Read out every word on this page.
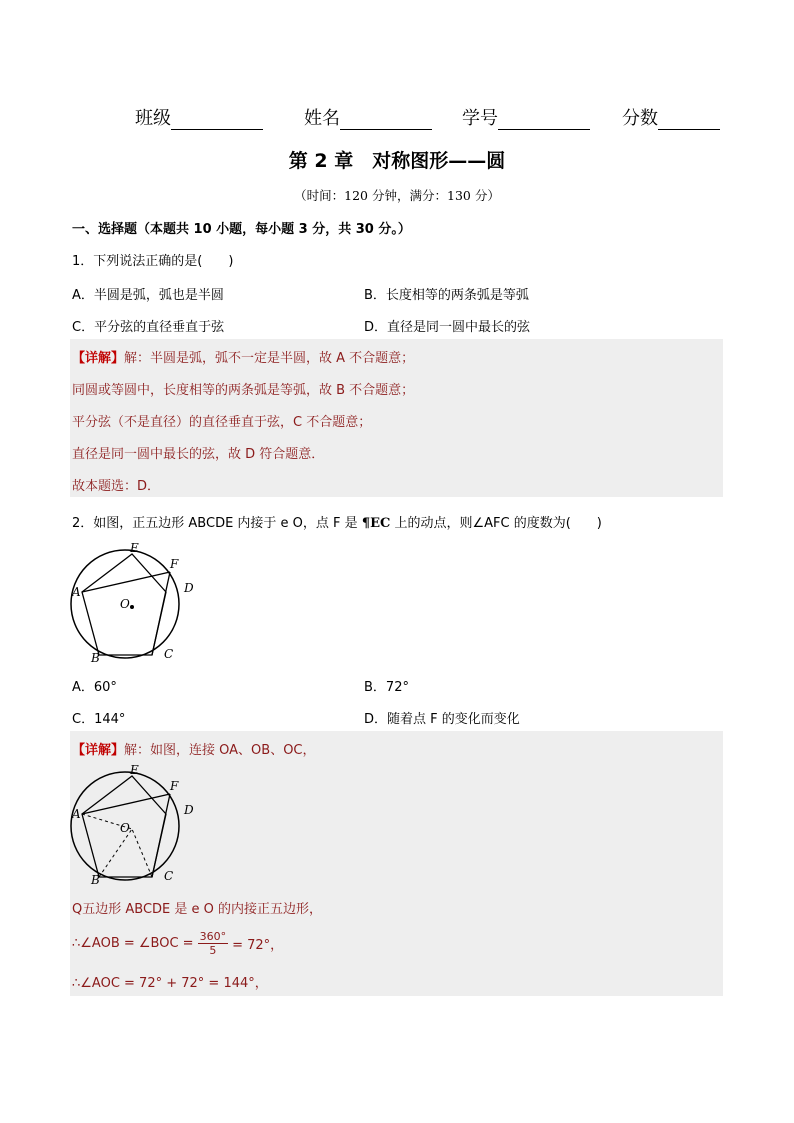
班级	姓名	学号	分数
第 2 章　对称图形——圆
（时间：120 分钟，满分：130 分）
一、选择题（本题共 10 小题，每小题 3 分，共 30 分。）
1．下列说法正确的是(　　)
A．半圆是弧，弧也是半圆	B．长度相等的两条弧是等弧
C．平分弦的直径垂直于弦	D．直径是同一圆中最长的弦
【详解】解：半圆是弧，弧不一定是半圆，故 A 不合题意；
同圆或等圆中，长度相等的两条弧是等弧，故 B 不合题意；
平分弦（不是直径）的直径垂直于弦，C 不合题意；
直径是同一圆中最长的弦，故 D 符合题意．
故本题选：D．
2．如图，正五边形 ABCDE 内接于 e O，点 F 是 ¶EC 上的动点，则∠AFC 的度数为(　　)
A
B	C
D
E
F
O
A．60°	B．72°
C．144°	D．随着点 F 的变化而变化
【详解】解：如图，连接 OA、OB、OC，
A
B	C
D
E
F
O
Q五边形 ABCDE 是 e O 的内接正五边形，
∴∠AOB = ∠BOC = $\frac{360^\circ}{5} = 72^\circ$，
∴∠AOC = 72° + 72° = 144°，
